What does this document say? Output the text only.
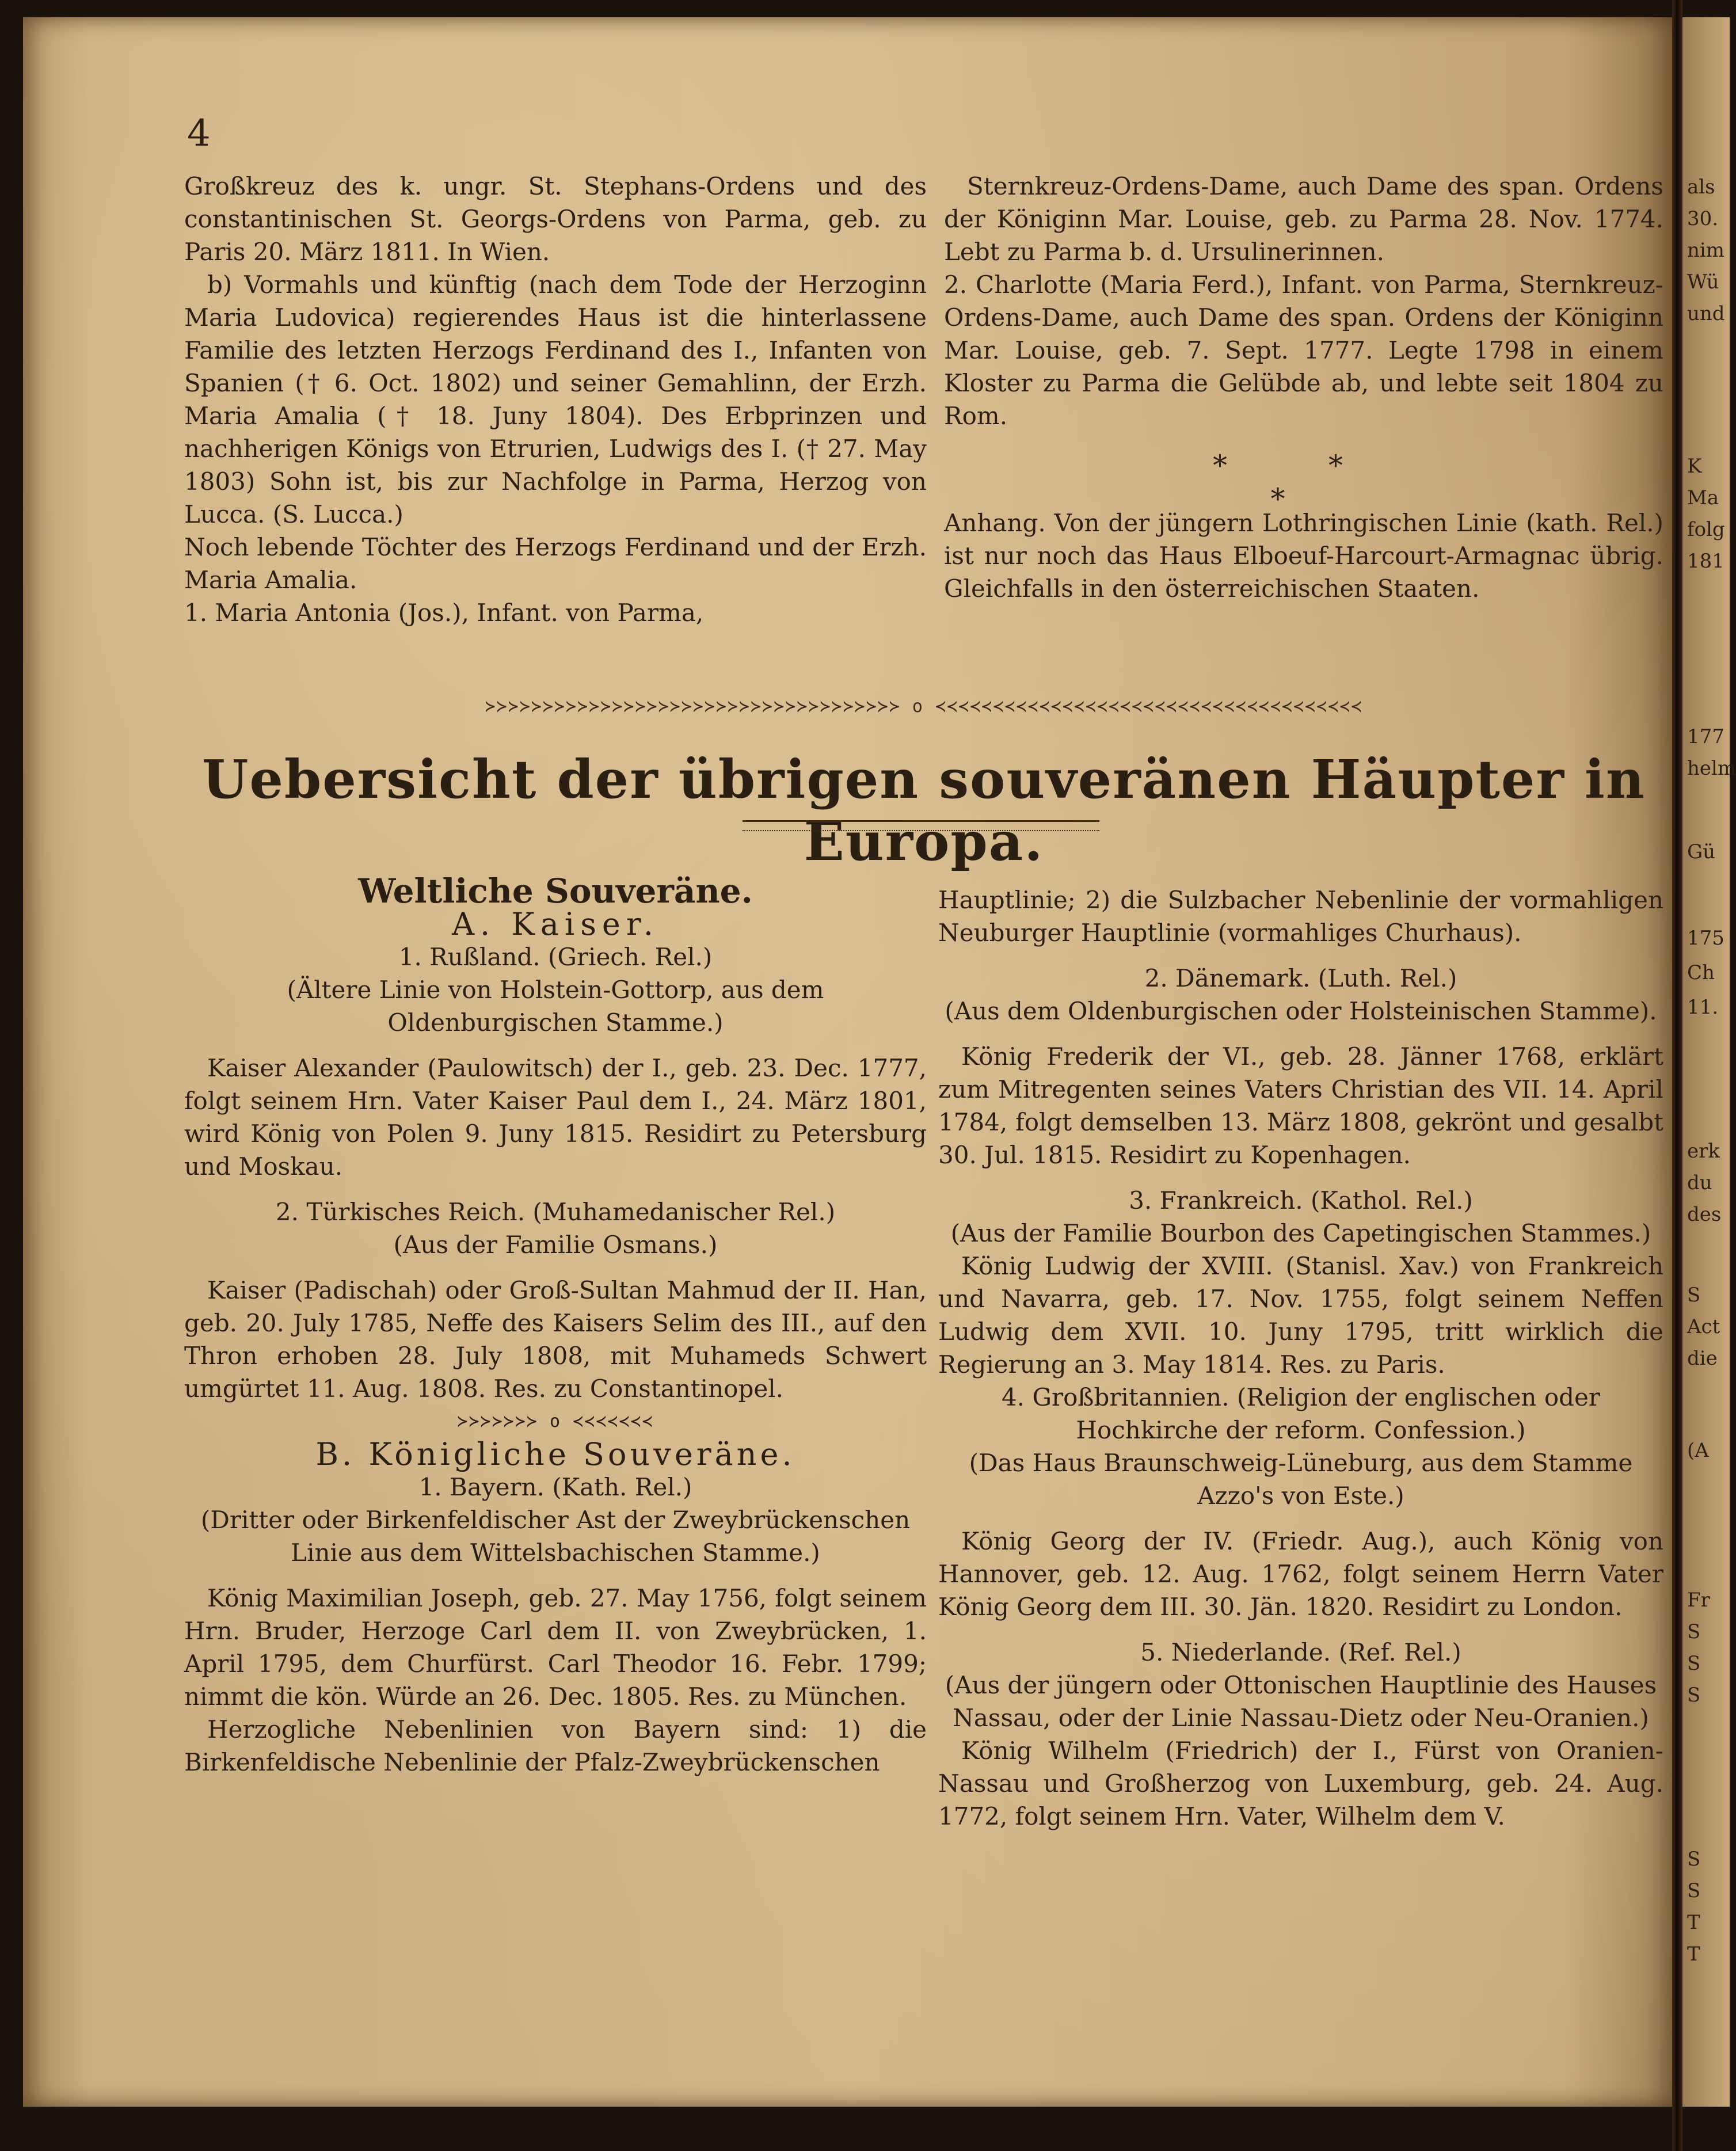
als
30.
nim
Wü
und
K
Ma
folg
181
177
helm
Gü
175
Ch
11.
erk
du
des
S
Act
die
(A
Fr
S
S
S
S
S
T
T
4

Großkreuz des k. ungr. St. Stephans-Ordens und des constantinischen St. Georgs-Ordens von Parma, geb. zu Paris 20. März 1811. In Wien.

b) Vormahls und künftig (nach dem Tode der Herzoginn Maria Ludovica) regierendes Haus ist die hinterlassene Familie des letzten Herzogs Ferdinand des I., Infanten von Spanien († 6. Oct. 1802) und seiner Gemahlinn, der Erzh. Maria Amalia († 18. Juny 1804). Des Erbprinzen und nachherigen Königs von Etrurien, Ludwigs des I. († 27. May 1803) Sohn ist, bis zur Nachfolge in Parma, Herzog von Lucca. (S. Lucca.)

Noch lebende Töchter des Herzogs Ferdinand und der Erzh. Maria Amalia.

1. Maria Antonia (Jos.), Infant. von Parma,

Sternkreuz-Ordens-Dame, auch Dame des span. Ordens der Königinn Mar. Louise, geb. zu Parma 28. Nov. 1774. Lebt zu Parma b. d. Ursulinerinnen.

2. Charlotte (Maria Ferd.), Infant. von Parma, Sternkreuz-Ordens-Dame, auch Dame des span. Ordens der Königinn Mar. Louise, geb. 7. Sept. 1777. Legte 1798 in einem Kloster zu Parma die Gelübde ab, und lebte seit 1804 zu Rom.

* * *

Anhang. Von der jüngern Lothringischen Linie (kath. Rel.) ist nur noch das Haus Elboeuf-Harcourt-Armagnac übrig. Gleichfalls in den österreichischen Staaten.

≻≻≻≻≻≻≻≻≻≻≻≻≻≻≻≻≻≻≻≻≻≻≻≻≻≻≻≻≻≻≻≻≻≻≻≻ o ≺≺≺≺≺≺≺≺≺≺≺≺≺≺≺≺≺≺≺≺≺≺≺≺≺≺≺≺≺≺≺≺≺≺≺≺≺
Uebersicht der übrigen souveränen Häupter in Europa.

Weltliche Souveräne.

A. Kaiser.

1. Rußland. (Griech. Rel.)

(Ältere Linie von Holstein-Gottorp, aus dem Oldenburgischen Stamme.)

Kaiser Alexander (Paulowitsch) der I., geb. 23. Dec. 1777, folgt seinem Hrn. Vater Kaiser Paul dem I., 24. März 1801, wird König von Polen 9. Juny 1815. Residirt zu Petersburg und Moskau.

2. Türkisches Reich. (Muhamedanischer Rel.)

(Aus der Familie Osmans.)

Kaiser (Padischah) oder Groß-Sultan Mahmud der II. Han, geb. 20. July 1785, Neffe des Kaisers Selim des III., auf den Thron erhoben 28. July 1808, mit Muhameds Schwert umgürtet 11. Aug. 1808. Res. zu Constantinopel.

≻≻≻≻≻≻≻ o ≺≺≺≺≺≺≺

B. Königliche Souveräne.

1. Bayern. (Kath. Rel.)

(Dritter oder Birkenfeldischer Ast der Zweybrückenschen Linie aus dem Wittelsbachischen Stamme.)

König Maximilian Joseph, geb. 27. May 1756, folgt seinem Hrn. Bruder, Herzoge Carl dem II. von Zweybrücken, 1. April 1795, dem Churfürst. Carl Theodor 16. Febr. 1799; nimmt die kön. Würde an 26. Dec. 1805. Res. zu München.

Herzogliche Nebenlinien von Bayern sind: 1) die Birkenfeldische Nebenlinie der Pfalz-Zweybrückenschen

Hauptlinie; 2) die Sulzbacher Nebenlinie der vormahligen Neuburger Hauptlinie (vormahliges Churhaus).

2. Dänemark. (Luth. Rel.)

(Aus dem Oldenburgischen oder Holsteinischen Stamme).

König Frederik der VI., geb. 28. Jänner 1768, erklärt zum Mitregenten seines Vaters Christian des VII. 14. April 1784, folgt demselben 13. März 1808, gekrönt und gesalbt 30. Jul. 1815. Residirt zu Kopenhagen.

3. Frankreich. (Kathol. Rel.)

(Aus der Familie Bourbon des Capetingischen Stammes.)

König Ludwig der XVIII. (Stanisl. Xav.) von Frankreich und Navarra, geb. 17. Nov. 1755, folgt seinem Neffen Ludwig dem XVII. 10. Juny 1795, tritt wirklich die Regierung an 3. May 1814. Res. zu Paris.

4. Großbritannien. (Religion der englischen oder Hochkirche der reform. Confession.)

(Das Haus Braunschweig-Lüneburg, aus dem Stamme Azzo's von Este.)

König Georg der IV. (Friedr. Aug.), auch König von Hannover, geb. 12. Aug. 1762, folgt seinem Herrn Vater König Georg dem III. 30. Jän. 1820. Residirt zu London.

5. Niederlande. (Ref. Rel.)

(Aus der jüngern oder Ottonischen Hauptlinie des Hauses Nassau, oder der Linie Nassau-Dietz oder Neu-Oranien.)

König Wilhelm (Friedrich) der I., Fürst von Oranien-Nassau und Großherzog von Luxemburg, geb. 24. Aug. 1772, folgt seinem Hrn. Vater, Wilhelm dem V.
